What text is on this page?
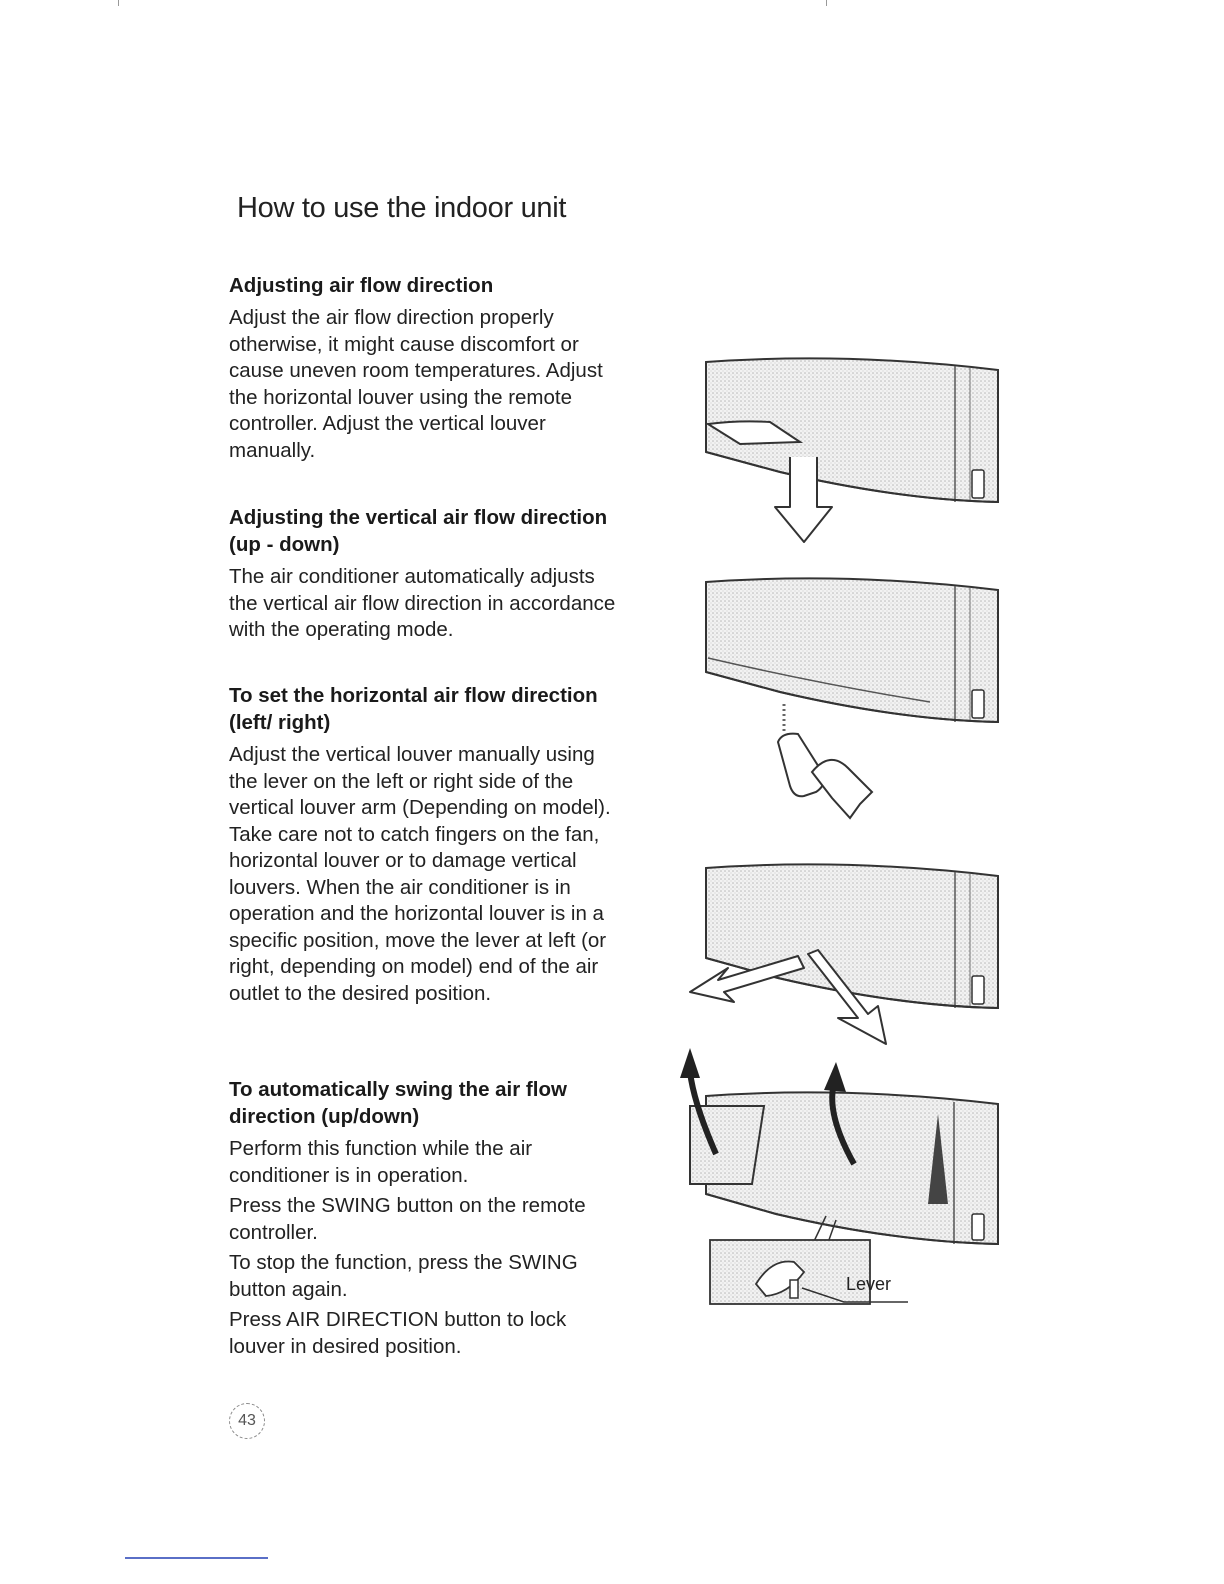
How to use the indoor unit
Adjusting air flow direction

Adjust the air flow direction properly otherwise, it might cause discomfort or cause uneven room temperatures. Adjust the horizontal louver using the remote controller. Adjust the vertical louver manually.

Adjusting the vertical air flow direction (up - down)

The air conditioner automatically adjusts the vertical air flow direction in accordance with the operating mode.

To set the horizontal air flow direction (left/ right)

Adjust the vertical louver manually using the lever on the left or right side of the vertical louver arm (Depending on model). Take care not to catch fingers on the fan, horizontal louver or to damage vertical louvers. When the air conditioner is in operation and the horizontal louver is in a specific position, move the lever at left (or right, depending on model) end of the air outlet to the desired position.

To automatically swing the air flow direction (up/down)

Perform this function while the air conditioner is in operation.

Press the SWING button on the remote controller.

To stop the function, press the SWING button again.

Press AIR DIRECTION button to lock louver in desired position.

Lever
43
